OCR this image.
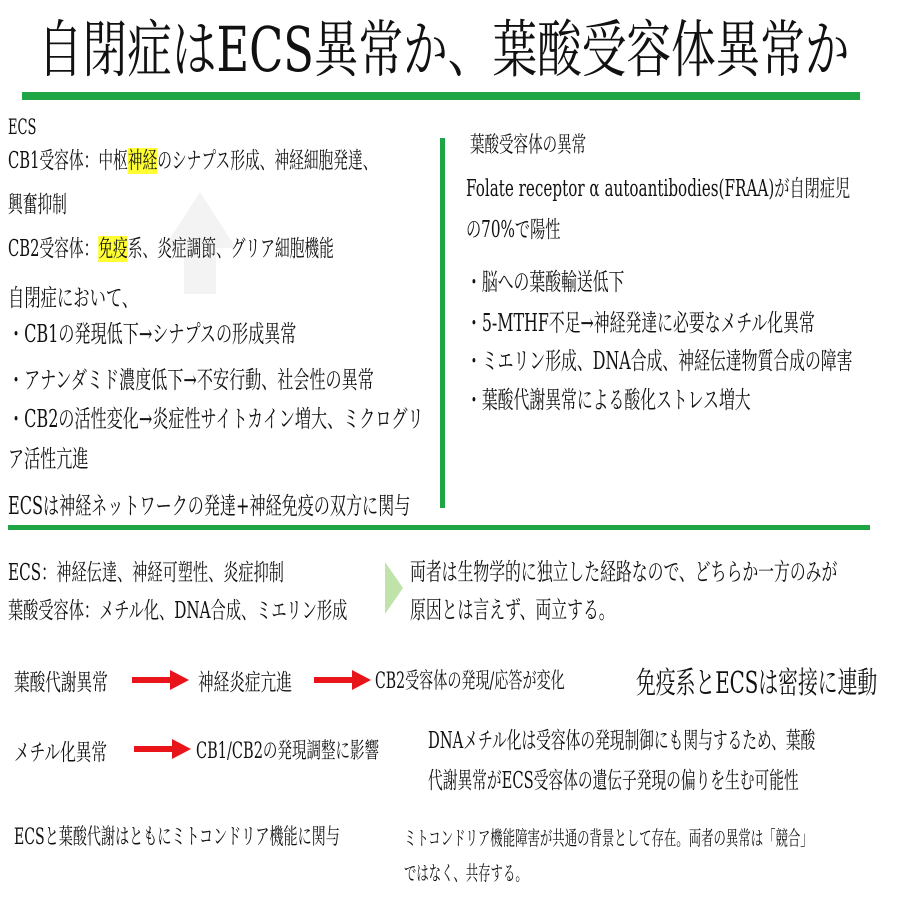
自閉症はECS異常か、葉酸受容体異常か
ECS
CB1受容体：中枢神経のシナプス形成、神経細胞発達、
興奮抑制
CB2受容体：免疫系、炎症調節、グリア細胞機能
自閉症において、
・CB1の発現低下→シナプスの形成異常
・アナンダミド濃度低下→不安行動、社会性の異常
・CB2の活性変化→炎症性サイトカイン増大、ミクログリ
ア活性亢進
ECSは神経ネットワークの発達+神経免疫の双方に関与
葉酸受容体の異常
Folate receptor α autoantibodies(FRAA)が自閉症児
の70%で陽性
・脳への葉酸輸送低下
・5-MTHF不足→神経発達に必要なメチル化異常
・ミエリン形成、DNA合成、神経伝達物質合成の障害
・葉酸代謝異常による酸化ストレス増大
ECS：神経伝達、神経可塑性、炎症抑制
葉酸受容体：メチル化、DNA合成、ミエリン形成
両者は生物学的に独立した経路なので、どちらか一方のみが
原因とは言えず、両立する。
葉酸代謝異常	神経炎症亢進	CB2受容体の発現/応答が変化 免疫系とECSは密接に連動
メチル化異常	CB1/CB2の発現調整に影響 DNAメチル化は受容体の発現制御にも関与するため、葉酸
代謝異常がECS受容体の遺伝子発現の偏りを生む可能性
ECSと葉酸代謝はともにミトコンドリア機能に関与	ミトコンドリア機能障害が共通の背景として存在。両者の異常は「競合」
ではなく、共存する。
